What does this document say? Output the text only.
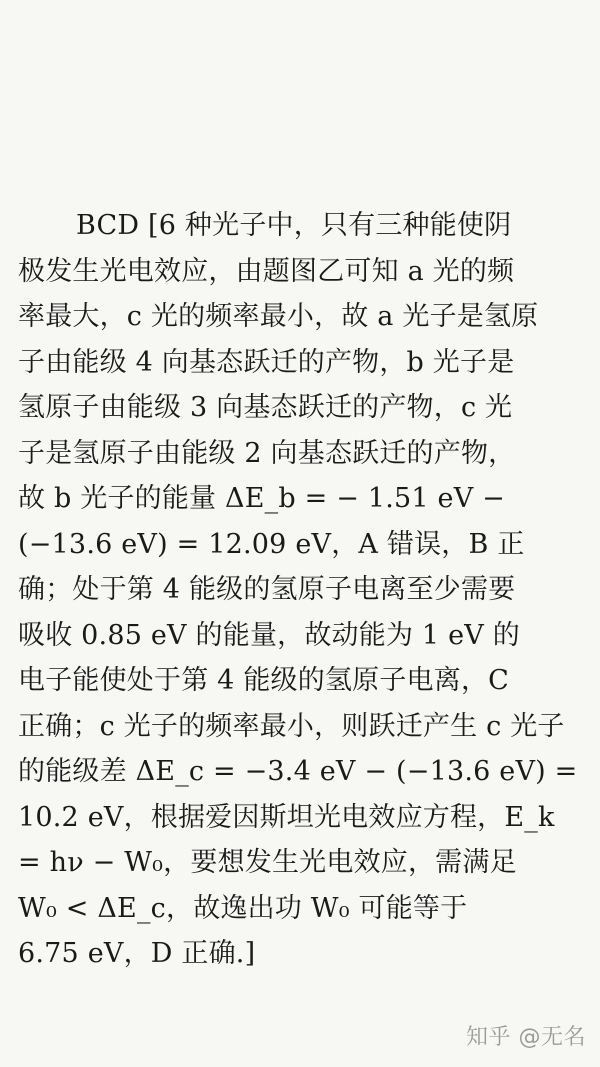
BCD [6 种光子中，只有三种能使阴
极发生光电效应，由题图乙可知 a 光的频
率最大，c 光的频率最小，故 a 光子是氢原
子由能级 4 向基态跃迁的产物，b 光子是
氢原子由能级 3 向基态跃迁的产物，c 光
子是氢原子由能级 2 向基态跃迁的产物，
故 b 光子的能量 ΔE_b = − 1.51 eV −
(−13.6 eV) = 12.09 eV，A 错误，B 正
确；处于第 4 能级的氢原子电离至少需要
吸收 0.85 eV 的能量，故动能为 1 eV 的
电子能使处于第 4 能级的氢原子电离，C
正确；c 光子的频率最小，则跃迁产生 c 光子
的能级差 ΔE_c = −3.4 eV − (−13.6 eV) =
10.2 eV，根据爱因斯坦光电效应方程，E_k
= hν − W₀，要想发生光电效应，需满足
W₀ < ΔE_c，故逸出功 W₀ 可能等于
6.75 eV，D 正确.]
知乎 @无名
